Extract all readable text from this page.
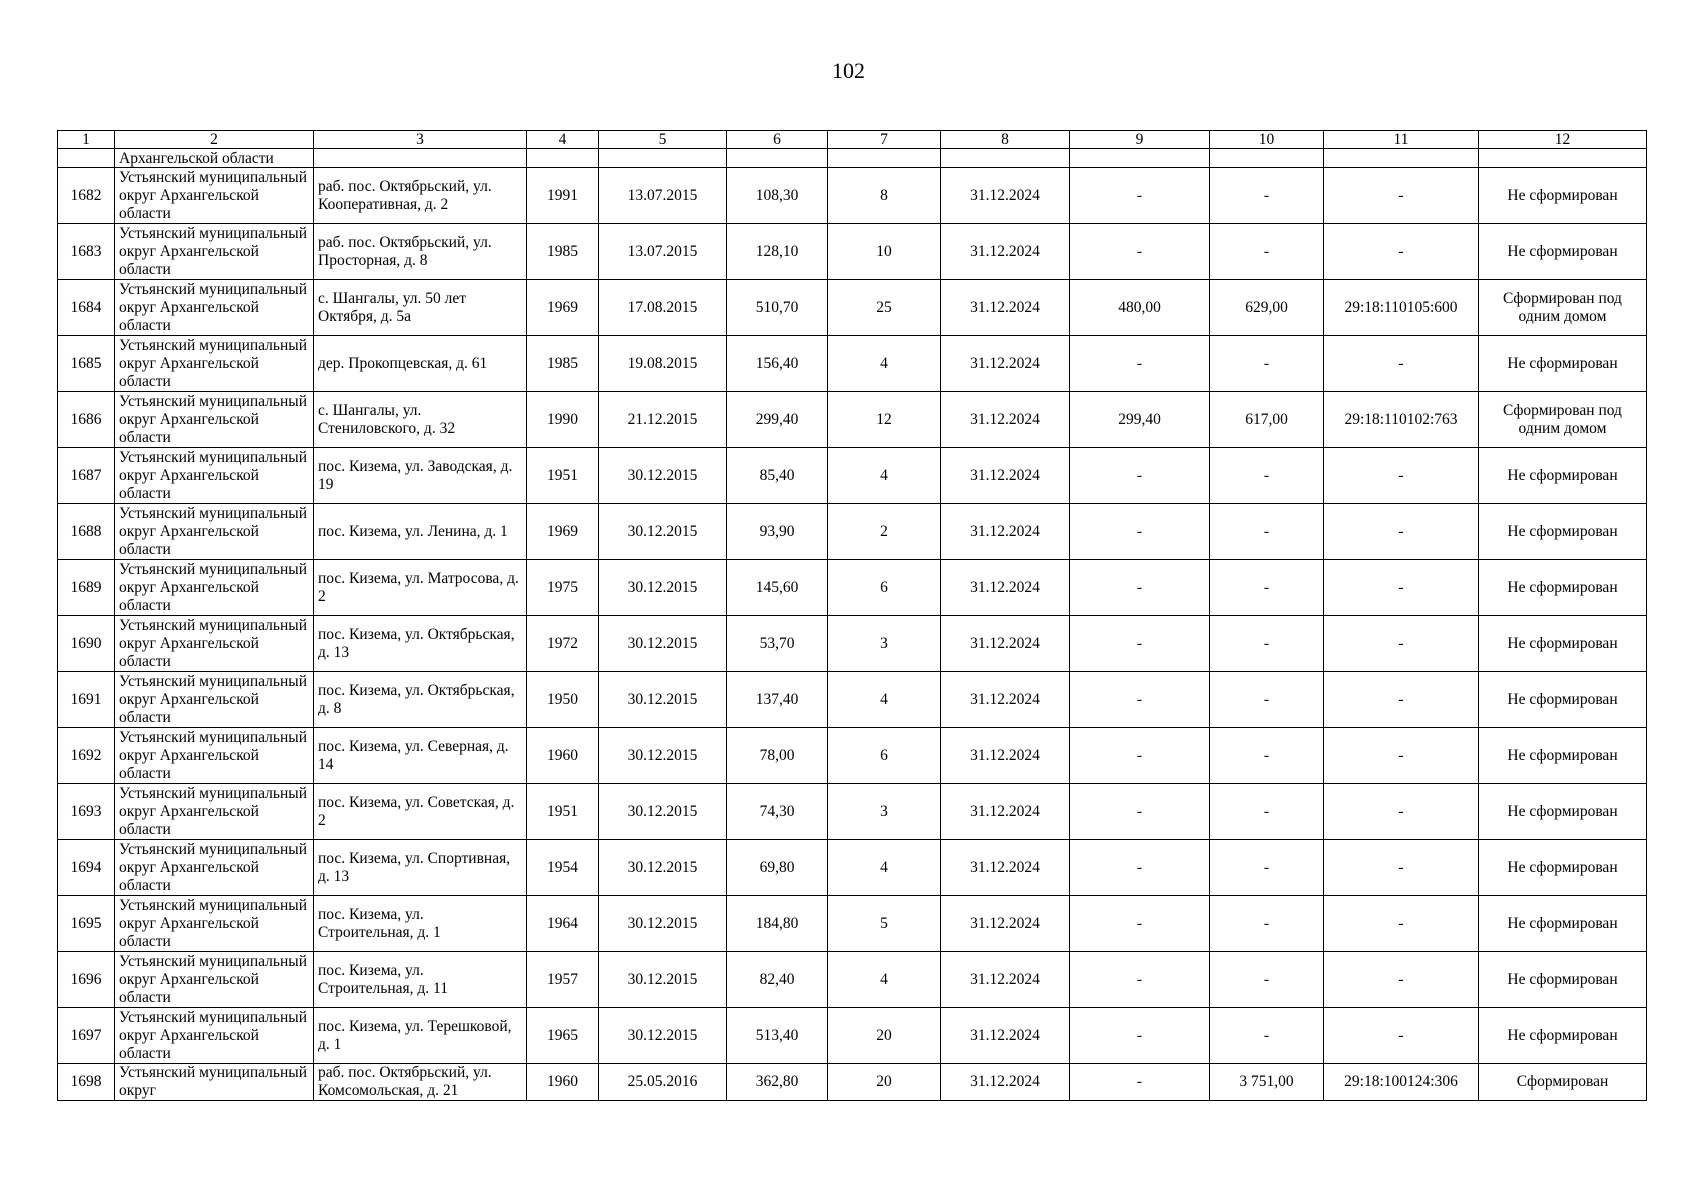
102
1	2	3	4	5	6	7	8	9	10	11	12
	Архангельской области										
1682	Устьянский муниципальный округ Архангельской области	раб. пос. Октябрьский, ул. Кооперативная, д. 2	1991	13.07.2015	108,30	8	31.12.2024	-	-	-	Не сформирован
1683	Устьянский муниципальный округ Архангельской области	раб. пос. Октябрьский, ул. Просторная, д. 8	1985	13.07.2015	128,10	10	31.12.2024	-	-	-	Не сформирован
1684	Устьянский муниципальный округ Архангельской области	с. Шангалы, ул. 50 лет Октября, д. 5а	1969	17.08.2015	510,70	25	31.12.2024	480,00	629,00	29:18:110105:600	Сформирован под одним домом
1685	Устьянский муниципальный округ Архангельской области	дер. Прокопцевская, д. 61	1985	19.08.2015	156,40	4	31.12.2024	-	-	-	Не сформирован
1686	Устьянский муниципальный округ Архангельской области	с. Шангалы, ул. Стениловского, д. 32	1990	21.12.2015	299,40	12	31.12.2024	299,40	617,00	29:18:110102:763	Сформирован под одним домом
1687	Устьянский муниципальный округ Архангельской области	пос. Кизема, ул. Заводская, д. 19	1951	30.12.2015	85,40	4	31.12.2024	-	-	-	Не сформирован
1688	Устьянский муниципальный округ Архангельской области	пос. Кизема, ул. Ленина, д. 1	1969	30.12.2015	93,90	2	31.12.2024	-	-	-	Не сформирован
1689	Устьянский муниципальный округ Архангельской области	пос. Кизема, ул. Матросова, д. 2	1975	30.12.2015	145,60	6	31.12.2024	-	-	-	Не сформирован
1690	Устьянский муниципальный округ Архангельской области	пос. Кизема, ул. Октябрьская, д. 13	1972	30.12.2015	53,70	3	31.12.2024	-	-	-	Не сформирован
1691	Устьянский муниципальный округ Архангельской области	пос. Кизема, ул. Октябрьская, д. 8	1950	30.12.2015	137,40	4	31.12.2024	-	-	-	Не сформирован
1692	Устьянский муниципальный округ Архангельской области	пос. Кизема, ул. Северная, д. 14	1960	30.12.2015	78,00	6	31.12.2024	-	-	-	Не сформирован
1693	Устьянский муниципальный округ Архангельской области	пос. Кизема, ул. Советская, д. 2	1951	30.12.2015	74,30	3	31.12.2024	-	-	-	Не сформирован
1694	Устьянский муниципальный округ Архангельской области	пос. Кизема, ул. Спортивная, д. 13	1954	30.12.2015	69,80	4	31.12.2024	-	-	-	Не сформирован
1695	Устьянский муниципальный округ Архангельской области	пос. Кизема, ул. Строительная, д. 1	1964	30.12.2015	184,80	5	31.12.2024	-	-	-	Не сформирован
1696	Устьянский муниципальный округ Архангельской области	пос. Кизема, ул. Строительная, д. 11	1957	30.12.2015	82,40	4	31.12.2024	-	-	-	Не сформирован
1697	Устьянский муниципальный округ Архангельской области	пос. Кизема, ул. Терешковой, д. 1	1965	30.12.2015	513,40	20	31.12.2024	-	-	-	Не сформирован
1698	Устьянский муниципальный округ	раб. пос. Октябрьский, ул. Комсомольская, д. 21	1960	25.05.2016	362,80	20	31.12.2024	-	3 751,00	29:18:100124:306	Сформирован
